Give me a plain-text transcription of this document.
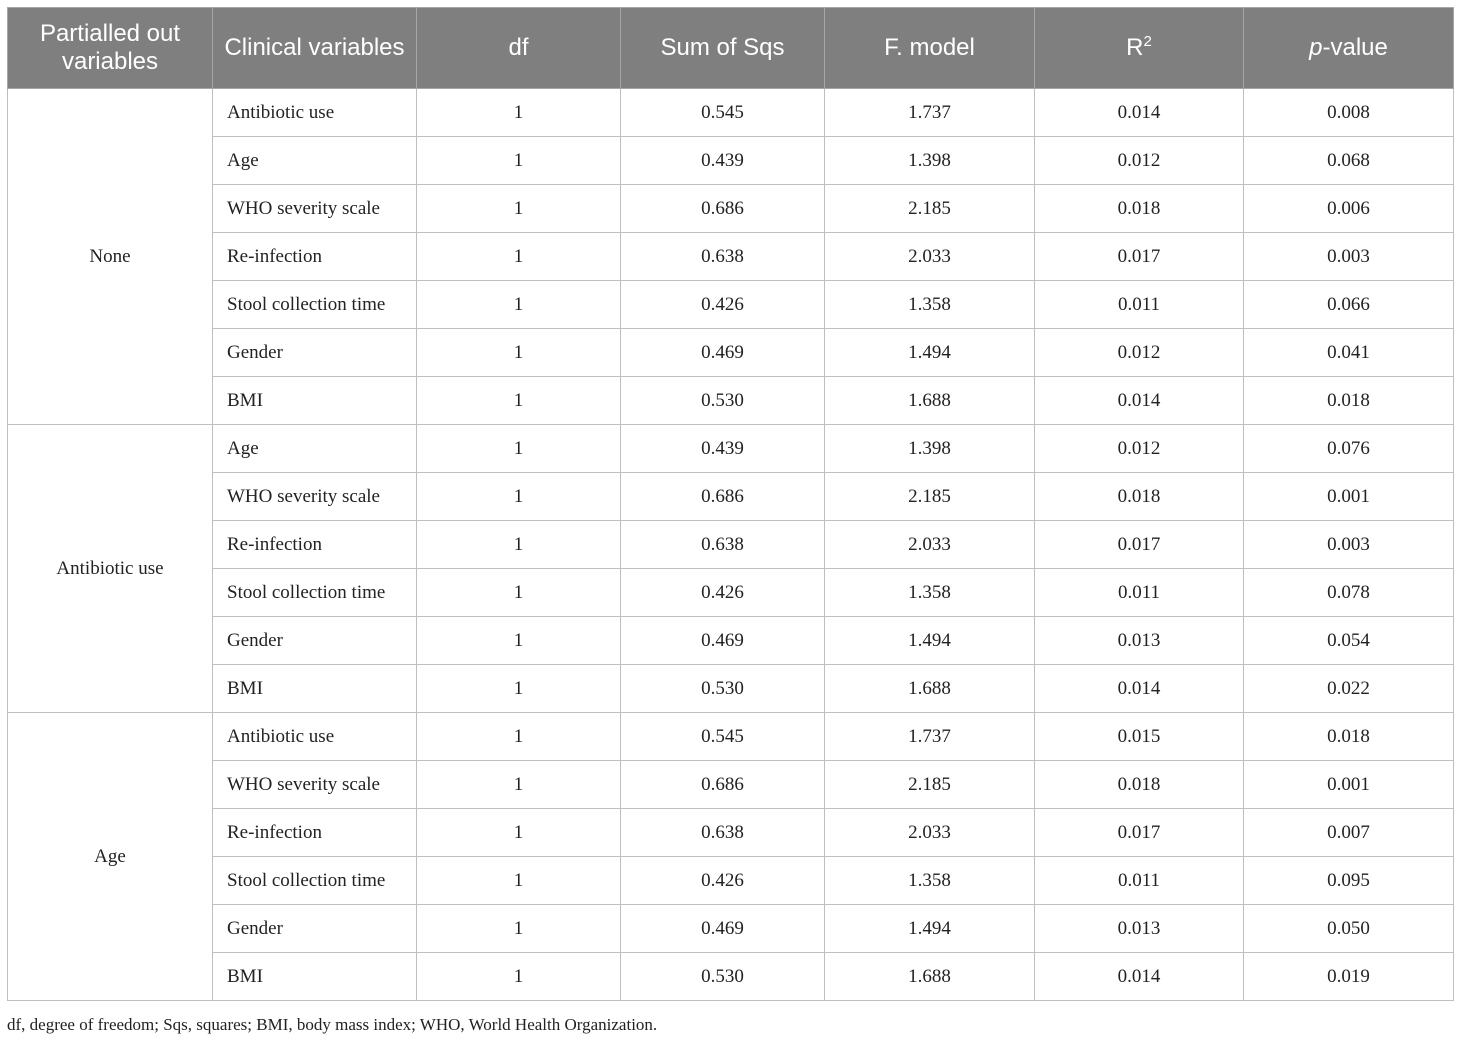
Partialled out variables	Clinical variables	df	Sum of Sqs	F. model	$R^2$	p-value
None	Antibiotic use	1	0.545	1.737	0.014	0.008
	Age	1	0.439	1.398	0.012	0.068
	WHO severity scale	1	0.686	2.185	0.018	0.006
	Re-infection	1	0.638	2.033	0.017	0.003
	Stool collection time	1	0.426	1.358	0.011	0.066
	Gender	1	0.469	1.494	0.012	0.041
	BMI	1	0.530	1.688	0.014	0.018
Antibiotic use	Age	1	0.439	1.398	0.012	0.076
	WHO severity scale	1	0.686	2.185	0.018	0.001
	Re-infection	1	0.638	2.033	0.017	0.003
	Stool collection time	1	0.426	1.358	0.011	0.078
	Gender	1	0.469	1.494	0.013	0.054
	BMI	1	0.530	1.688	0.014	0.022
Age	Antibiotic use	1	0.545	1.737	0.015	0.018
	WHO severity scale	1	0.686	2.185	0.018	0.001
	Re-infection	1	0.638	2.033	0.017	0.007
	Stool collection time	1	0.426	1.358	0.011	0.095
	Gender	1	0.469	1.494	0.013	0.050
	BMI	1	0.530	1.688	0.014	0.019
df, degree of freedom; Sqs, squares; BMI, body mass index; WHO, World Health Organization.
